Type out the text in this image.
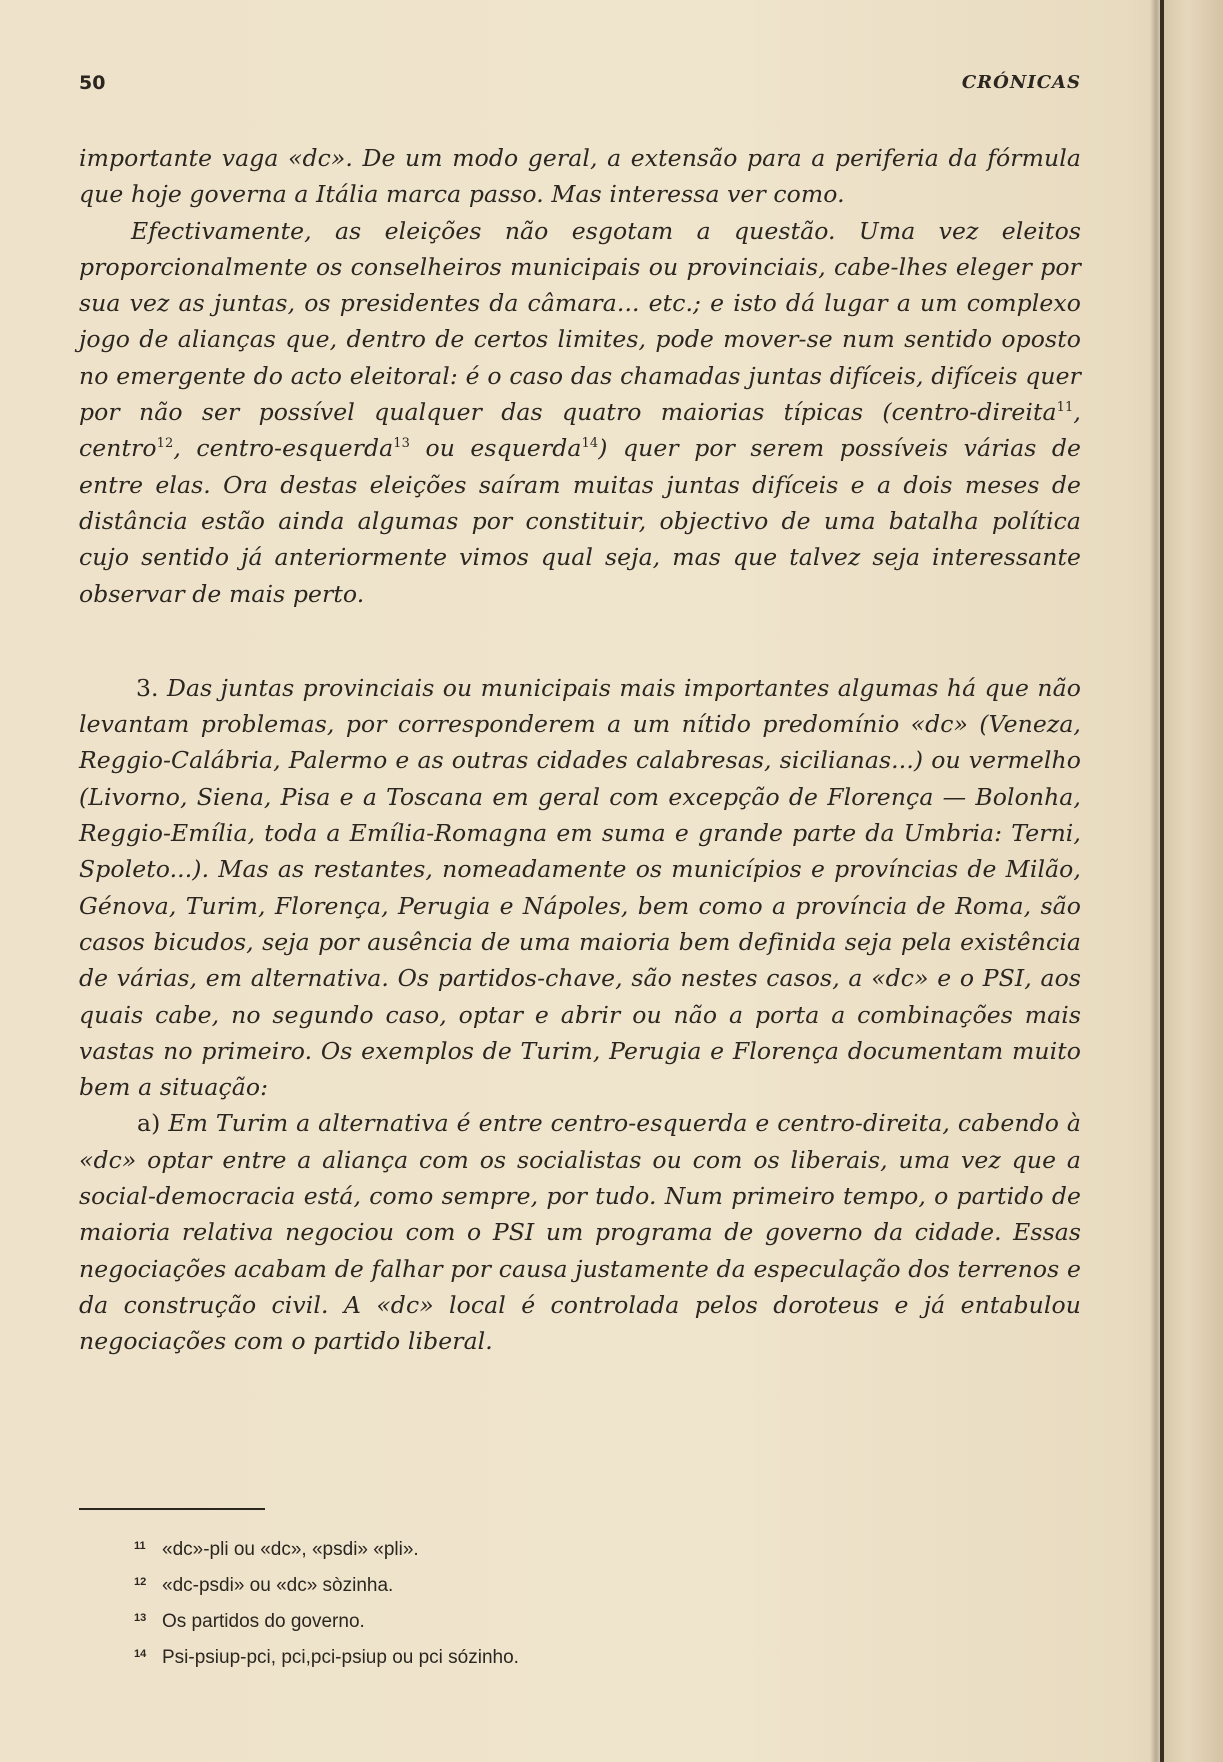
50	CRÓNICAS

importante vaga «dc». De um modo geral, a extensão para a periferia da fórmula que hoje governa a Itália marca passo. Mas interessa ver como.

Efectivamente, as eleições não esgotam a questão. Uma vez eleitos proporcionalmente os conselheiros municipais ou provinciais, cabe-lhes eleger por sua vez as juntas, os presidentes da câmara... etc.; e isto dá lugar a um complexo jogo de alianças que, dentro de certos limites, pode mover-se num sentido oposto no emergente do acto eleitoral: é o caso das chamadas juntas difíceis, difíceis quer por não ser possível qualquer das quatro maiorias típicas (centro-direita$^{11}$, centro$^{12}$, centro-esquerda$^{13}$ ou esquerda$^{14}$) quer por serem possíveis várias de entre elas. Ora destas eleições saíram muitas juntas difíceis e a dois meses de distância estão ainda algumas por constituir, objectivo de uma batalha política cujo sentido já anteriormente vimos qual seja, mas que talvez seja interessante observar de mais perto.

3. Das juntas provinciais ou municipais mais importantes algumas há que não levantam problemas, por corresponderem a um nítido predomínio «dc» (Veneza, Reggio-Calábria, Palermo e as outras cidades calabresas, sicilianas...) ou vermelho (Livorno, Siena, Pisa e a Toscana em geral com excepção de Florença — Bolonha, Reggio-Emília, toda a Emília-Romagna em suma e grande parte da Umbria: Terni, Spoleto...). Mas as restantes, nomeadamente os municípios e províncias de Milão, Génova, Turim, Florença, Perugia e Nápoles, bem como a província de Roma, são casos bicudos, seja por ausência de uma maioria bem definida seja pela existência de várias, em alternativa. Os partidos-chave, são nestes casos, a «dc» e o PSI, aos quais cabe, no segundo caso, optar e abrir ou não a porta a combinações mais vastas no primeiro. Os exemplos de Turim, Perugia e Florença documentam muito bem a situação:

a) Em Turim a alternativa é entre centro-esquerda e centro-direita, cabendo à «dc» optar entre a aliança com os socialistas ou com os liberais, uma vez que a social-democracia está, como sempre, por tudo. Num primeiro tempo, o partido de maioria relativa negociou com o PSI um programa de governo da cidade. Essas negociações acabam de falhar por causa justamente da especulação dos terrenos e da construção civil. A «dc» local é controlada pelos doroteus e já entabulou negociações com o partido liberal.

11 «dc»-pli ou «dc», «psdi» «pli».
12 «dc-psdi» ou «dc» sòzinha.
13 Os partidos do governo.
14 Psi-psiup-pci, pci,pci-psiup ou pci sózinho.
